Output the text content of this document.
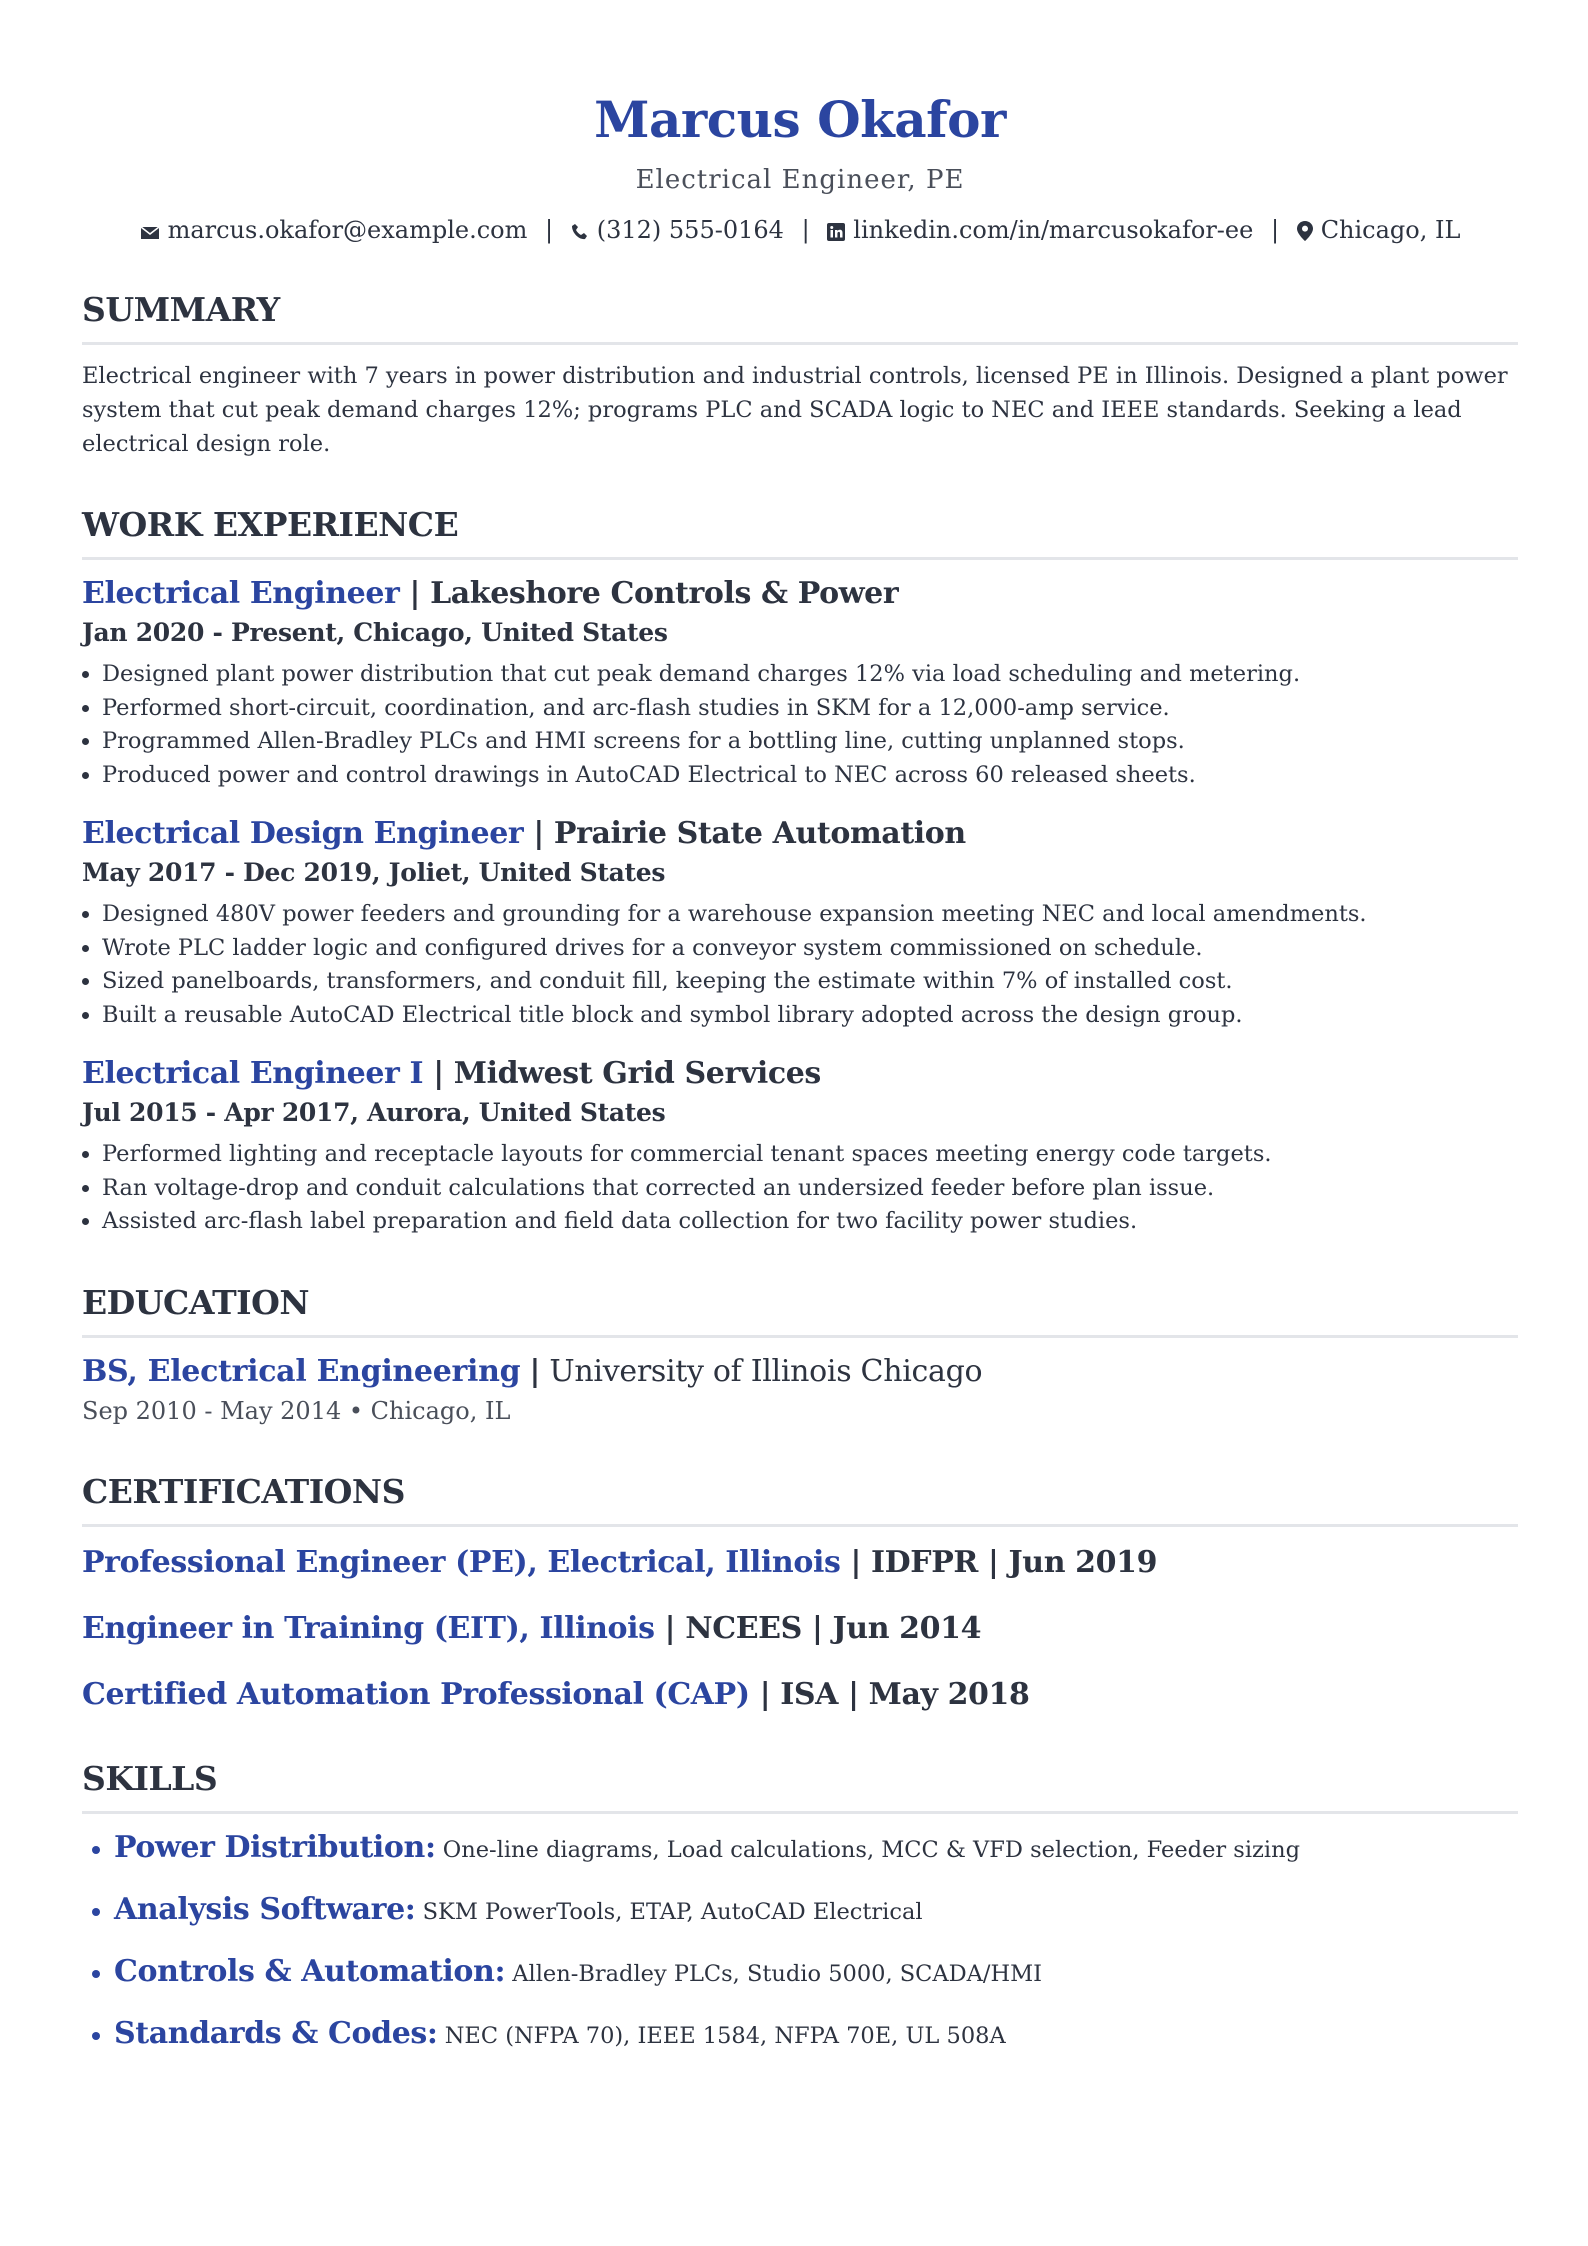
Marcus Okafor
Electrical Engineer, PE
marcus.okafor@example.com | (312) 555-0164 | linkedin.com/in/marcusokafor-ee | Chicago, IL
SUMMARY
Electrical engineer with 7 years in power distribution and industrial controls, licensed PE in Illinois. Designed a plant power system that cut peak demand charges 12%; programs PLC and SCADA logic to NEC and IEEE standards. Seeking a lead electrical design role.
WORK EXPERIENCE
Electrical Engineer | Lakeshore Controls & Power
Jan 2020 - Present, Chicago, United States
• Designed plant power distribution that cut peak demand charges 12% via load scheduling and metering.
• Performed short-circuit, coordination, and arc-flash studies in SKM for a 12,000-amp service.
• Programmed Allen-Bradley PLCs and HMI screens for a bottling line, cutting unplanned stops.
• Produced power and control drawings in AutoCAD Electrical to NEC across 60 released sheets.
Electrical Design Engineer | Prairie State Automation
May 2017 - Dec 2019, Joliet, United States
• Designed 480V power feeders and grounding for a warehouse expansion meeting NEC and local amendments.
• Wrote PLC ladder logic and configured drives for a conveyor system commissioned on schedule.
• Sized panelboards, transformers, and conduit fill, keeping the estimate within 7% of installed cost.
• Built a reusable AutoCAD Electrical title block and symbol library adopted across the design group.
Electrical Engineer I | Midwest Grid Services
Jul 2015 - Apr 2017, Aurora, United States
• Performed lighting and receptacle layouts for commercial tenant spaces meeting energy code targets.
• Ran voltage-drop and conduit calculations that corrected an undersized feeder before plan issue.
• Assisted arc-flash label preparation and field data collection for two facility power studies.
EDUCATION
BS, Electrical Engineering | University of Illinois Chicago
Sep 2010 - May 2014 • Chicago, IL
CERTIFICATIONS
Professional Engineer (PE), Electrical, Illinois | IDFPR | Jun 2019
Engineer in Training (EIT), Illinois | NCEES | Jun 2014
Certified Automation Professional (CAP) | ISA | May 2018
SKILLS
• Power Distribution: One-line diagrams, Load calculations, MCC & VFD selection, Feeder sizing
• Analysis Software: SKM PowerTools, ETAP, AutoCAD Electrical
• Controls & Automation: Allen-Bradley PLCs, Studio 5000, SCADA/HMI
• Standards & Codes: NEC (NFPA 70), IEEE 1584, NFPA 70E, UL 508A
